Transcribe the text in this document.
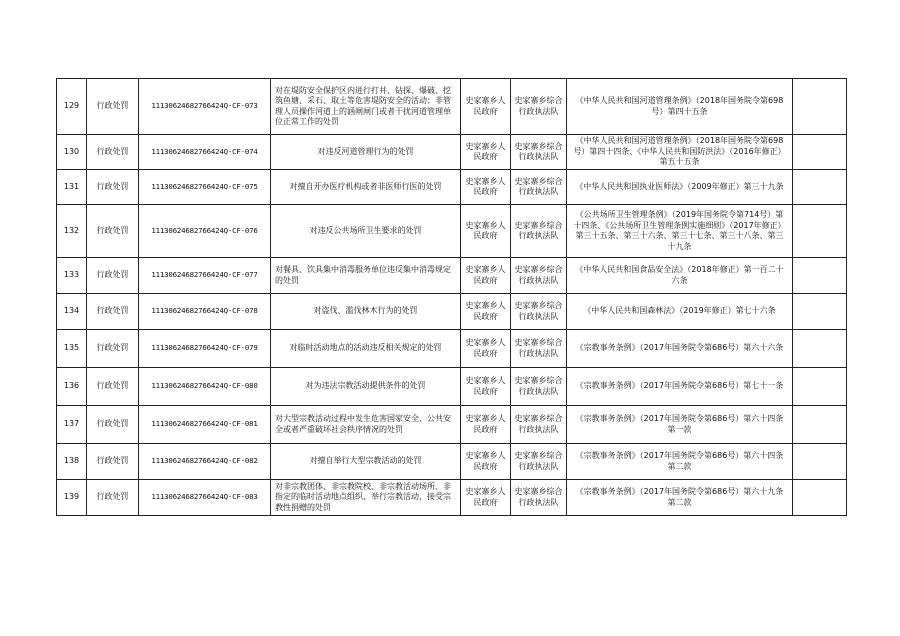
129	行政处罚	11130624682766424Q-CF-073	对在堤防安全保护区内进行打井、钻探、爆破、挖筑鱼塘、采石、取土等危害堤防安全的活动；非管理人员操作河道上的涵闸闸门或者干扰河道管理单位正常工作的处罚	史家寨乡人民政府	史家寨乡综合行政执法队	《中华人民共和国河道管理条例》（2018年国务院令第698号）第四十五条	
130	行政处罚	11130624682766424Q-CF-074	对违反河道管理行为的处罚	史家寨乡人民政府	史家寨乡综合行政执法队	《中华人民共和国河道管理条例》（2018年国务院令第698号）第四十四条、《中华人民共和国防洪法》（2016年修正）第五十五条	
131	行政处罚	11130624682766424Q-CF-075	对擅自开办医疗机构或者非医师行医的处罚	史家寨乡人民政府	史家寨乡综合行政执法队	《中华人民共和国执业医师法》（2009年修正）第三十九条	
132	行政处罚	11130624682766424Q-CF-076	对违反公共场所卫生要求的处罚	史家寨乡人民政府	史家寨乡综合行政执法队	《公共场所卫生管理条例》（2019年国务院令第714号）第十四条、《公共场所卫生管理条例实施细则》（2017年修正）第三十五条、第三十六条、第三十七条、第三十八条、第三十九条	
133	行政处罚	11130624682766424Q-CF-077	对餐具、饮具集中消毒服务单位违反集中消毒规定的处罚	史家寨乡人民政府	史家寨乡综合行政执法队	《中华人民共和国食品安全法》（2018年修正）第一百二十六条	
134	行政处罚	11130624682766424Q-CF-078	对盗伐、滥伐林木行为的处罚	史家寨乡人民政府	史家寨乡综合行政执法队	《中华人民共和国森林法》（2019年修正）第七十六条	
135	行政处罚	11130624682766424Q-CF-079	对临时活动地点的活动违反相关规定的处罚	史家寨乡人民政府	史家寨乡综合行政执法队	《宗教事务条例》（2017年国务院令第686号）第六十六条	
136	行政处罚	11130624682766424Q-CF-080	对为违法宗教活动提供条件的处罚	史家寨乡人民政府	史家寨乡综合行政执法队	《宗教事务条例》（2017年国务院令第686号）第七十一条	
137	行政处罚	11130624682766424Q-CF-081	对大型宗教活动过程中发生危害国家安全、公共安全或者严重破坏社会秩序情况的处罚	史家寨乡人民政府	史家寨乡综合行政执法队	《宗教事务条例》（2017年国务院令第686号）第六十四条第一款	
138	行政处罚	11130624682766424Q-CF-082	对擅自举行大型宗教活动的处罚	史家寨乡人民政府	史家寨乡综合行政执法队	《宗教事务条例》（2017年国务院令第686号）第六十四条第二款	
139	行政处罚	11130624682766424Q-CF-083	对非宗教团体、非宗教院校、非宗教活动场所、非指定的临时活动地点组织、举行宗教活动，接受宗教性捐赠的处罚	史家寨乡人民政府	史家寨乡综合行政执法队	《宗教事务条例》（2017年国务院令第686号）第六十九条第二款	
